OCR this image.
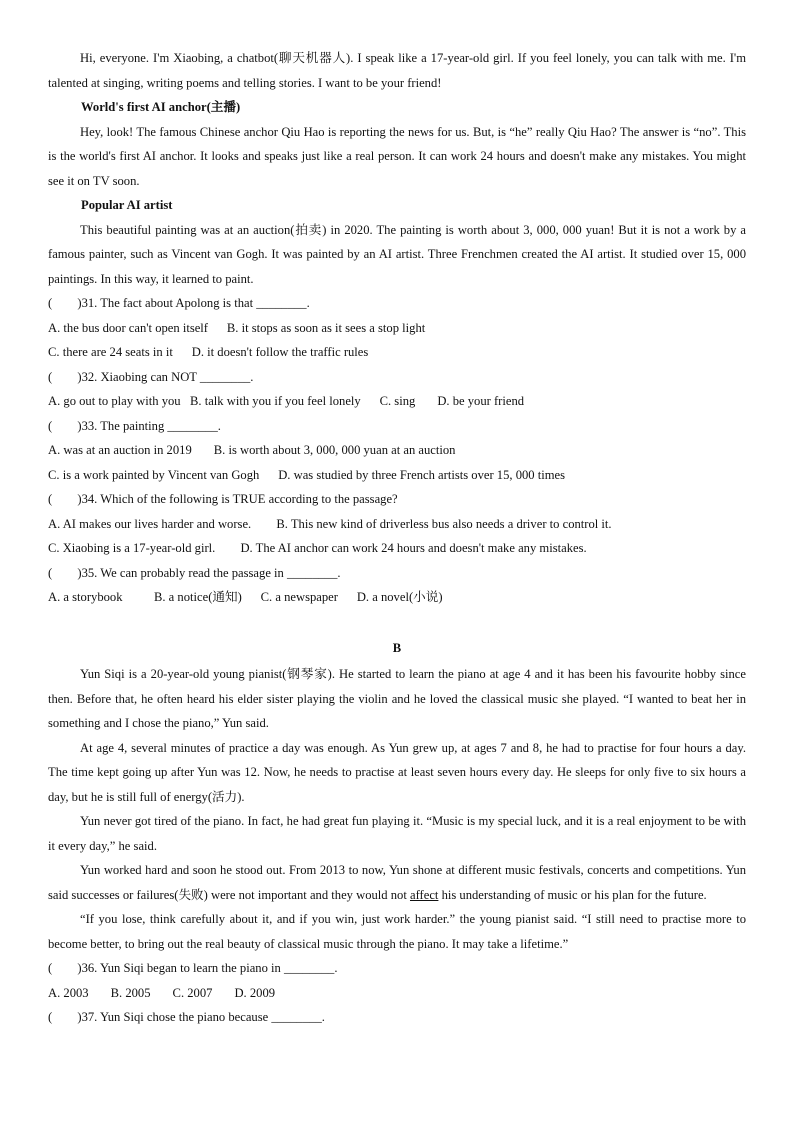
Hi, everyone. I'm Xiaobing, a chatbot(聊天机器人). I speak like a 17-year-old girl. If you feel lonely, you can talk with me. I'm talented at singing, writing poems and telling stories. I want to be your friend!

World's first AI anchor(主播)

Hey, look! The famous Chinese anchor Qiu Hao is reporting the news for us. But, is “he” really Qiu Hao? The answer is “no”. This is the world's first AI anchor. It looks and speaks just like a real person. It can work 24 hours and doesn't make any mistakes. You might see it on TV soon.

Popular AI artist

This beautiful painting was at an auction(拍卖) in 2020. The painting is worth about 3, 000, 000 yuan! But it is not a work by a famous painter, such as Vincent van Gogh. It was painted by an AI artist. Three Frenchmen created the AI artist. It studied over 15, 000 paintings. In this way, it learned to paint.

(        )31. The fact about Apolong is that ________.

A. the bus door can't open itself      B. it stops as soon as it sees a stop light

C. there are 24 seats in it      D. it doesn't follow the traffic rules

(        )32. Xiaobing can NOT ________.

A. go out to play with you   B. talk with you if you feel lonely      C. sing       D. be your friend

(        )33. The painting ________.

A. was at an auction in 2019       B. is worth about 3, 000, 000 yuan at an auction

C. is a work painted by Vincent van Gogh      D. was studied by three French artists over 15, 000 times

(        )34. Which of the following is TRUE according to the passage?

A. AI makes our lives harder and worse.        B. This new kind of driverless bus also needs a driver to control it.

C. Xiaobing is a 17-year-old girl.        D. The AI anchor can work 24 hours and doesn't make any mistakes.

(        )35. We can probably read the passage in ________.

A. a storybook          B. a notice(通知)      C. a newspaper      D. a novel(小说)

B

Yun Siqi is a 20-year-old young pianist(钢琴家). He started to learn the piano at age 4 and it has been his favourite hobby since then. Before that, he often heard his elder sister playing the violin and he loved the classical music she played. “I wanted to beat her in something and I chose the piano,” Yun said.

At age 4, several minutes of practice a day was enough. As Yun grew up, at ages 7 and 8, he had to practise for four hours a day. The time kept going up after Yun was 12. Now, he needs to practise at least seven hours every day. He sleeps for only five to six hours a day, but he is still full of energy(活力).

Yun never got tired of the piano. In fact, he had great fun playing it. “Music is my special luck, and it is a real enjoyment to be with it every day,” he said.

Yun worked hard and soon he stood out. From 2013 to now, Yun shone at different music festivals, concerts and competitions. Yun said successes or failures(失败) were not important and they would not affect his understanding of music or his plan for the future.

“If you lose, think carefully about it, and if you win, just work harder.” the young pianist said. “I still need to practise more to become better, to bring out the real beauty of classical music through the piano. It may take a lifetime.”

(        )36. Yun Siqi began to learn the piano in ________.

A. 2003       B. 2005       C. 2007       D. 2009

(        )37. Yun Siqi chose the piano because ________.
